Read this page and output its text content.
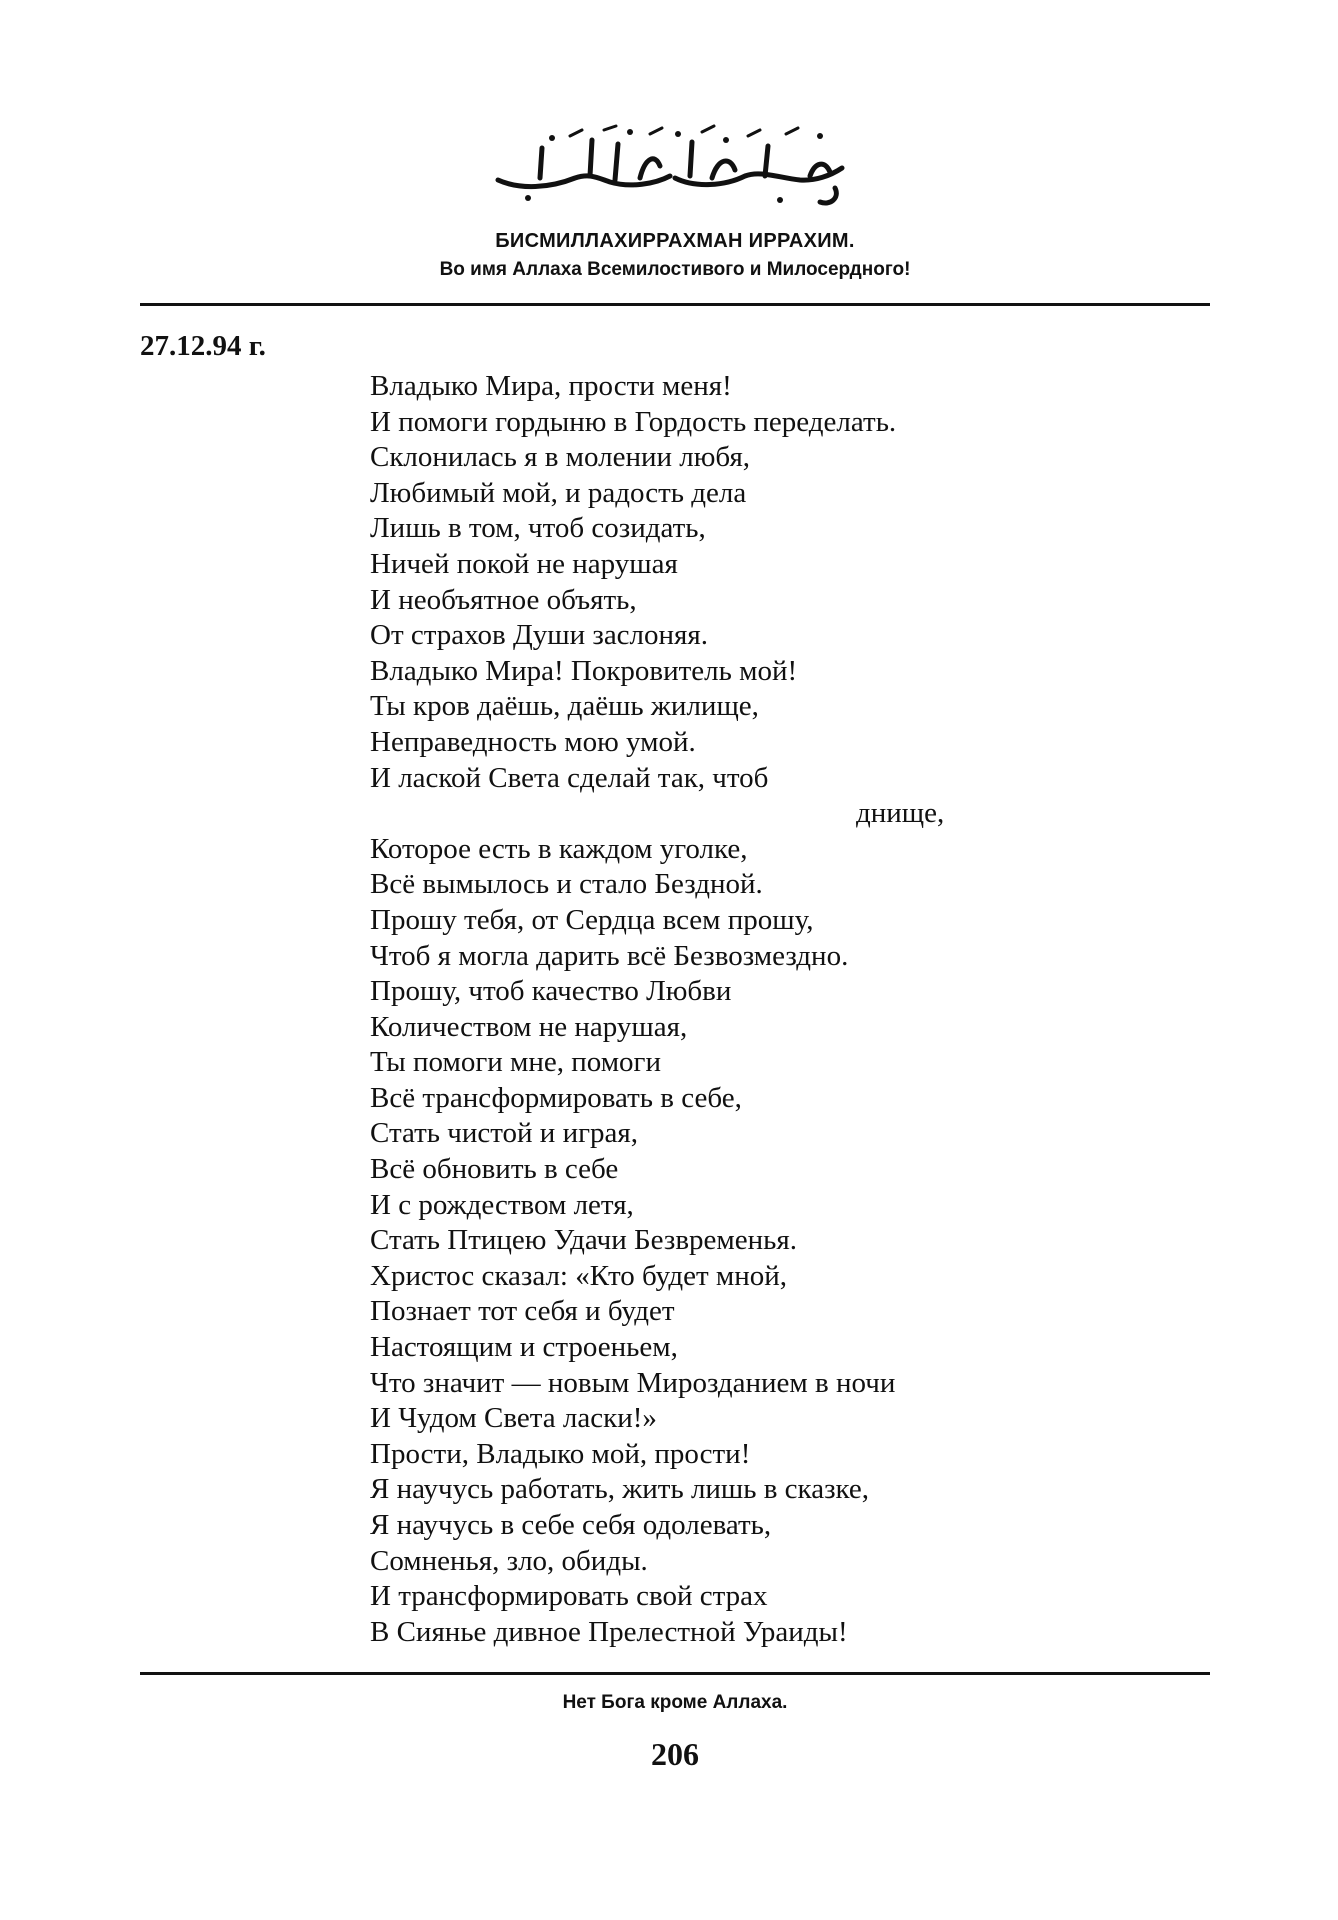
БИСМИЛЛАХИРРАХМАН ИРРАХИМ.
Во имя Аллаха Всемилостивого и Милосердного!
27.12.94 г.
Владыко Мира, прости меня!
И помоги гордыню в Гордость переделать.
Склонилась я в молении любя,
Любимый мой, и радость дела
Лишь в том, чтоб созидать,
Ничей покой не нарушая
И необъятное объять,
От страхов Души заслоняя.
Владыко Мира! Покровитель мой!
Ты кров даёшь, даёшь жилище,
Неправедность мою умой.
И лаской Света сделай так, чтоб
днище,
Которое есть в каждом уголке,
Всё вымылось и стало Бездной.
Прошу тебя, от Сердца всем прошу,
Чтоб я могла дарить всё Безвозмездно.
Прошу, чтоб качество Любви
Количеством не нарушая,
Ты помоги мне, помоги
Всё трансформировать в себе,
Стать чистой и играя,
Всё обновить в себе
И с рождеством летя,
Стать Птицею Удачи Безвременья.
Христос сказал: «Кто будет мной,
Познает тот себя и будет
Настоящим и строеньем,
Что значит — новым Мирозданием в ночи
И Чудом Света ласки!»
Прости, Владыко мой, прости!
Я научусь работать, жить лишь в сказке,
Я научусь в себе себя одолевать,
Сомненья, зло, обиды.
И трансформировать свой страх
В Сиянье дивное Прелестной Ураиды!
Нет Бога кроме Аллаха.
206
